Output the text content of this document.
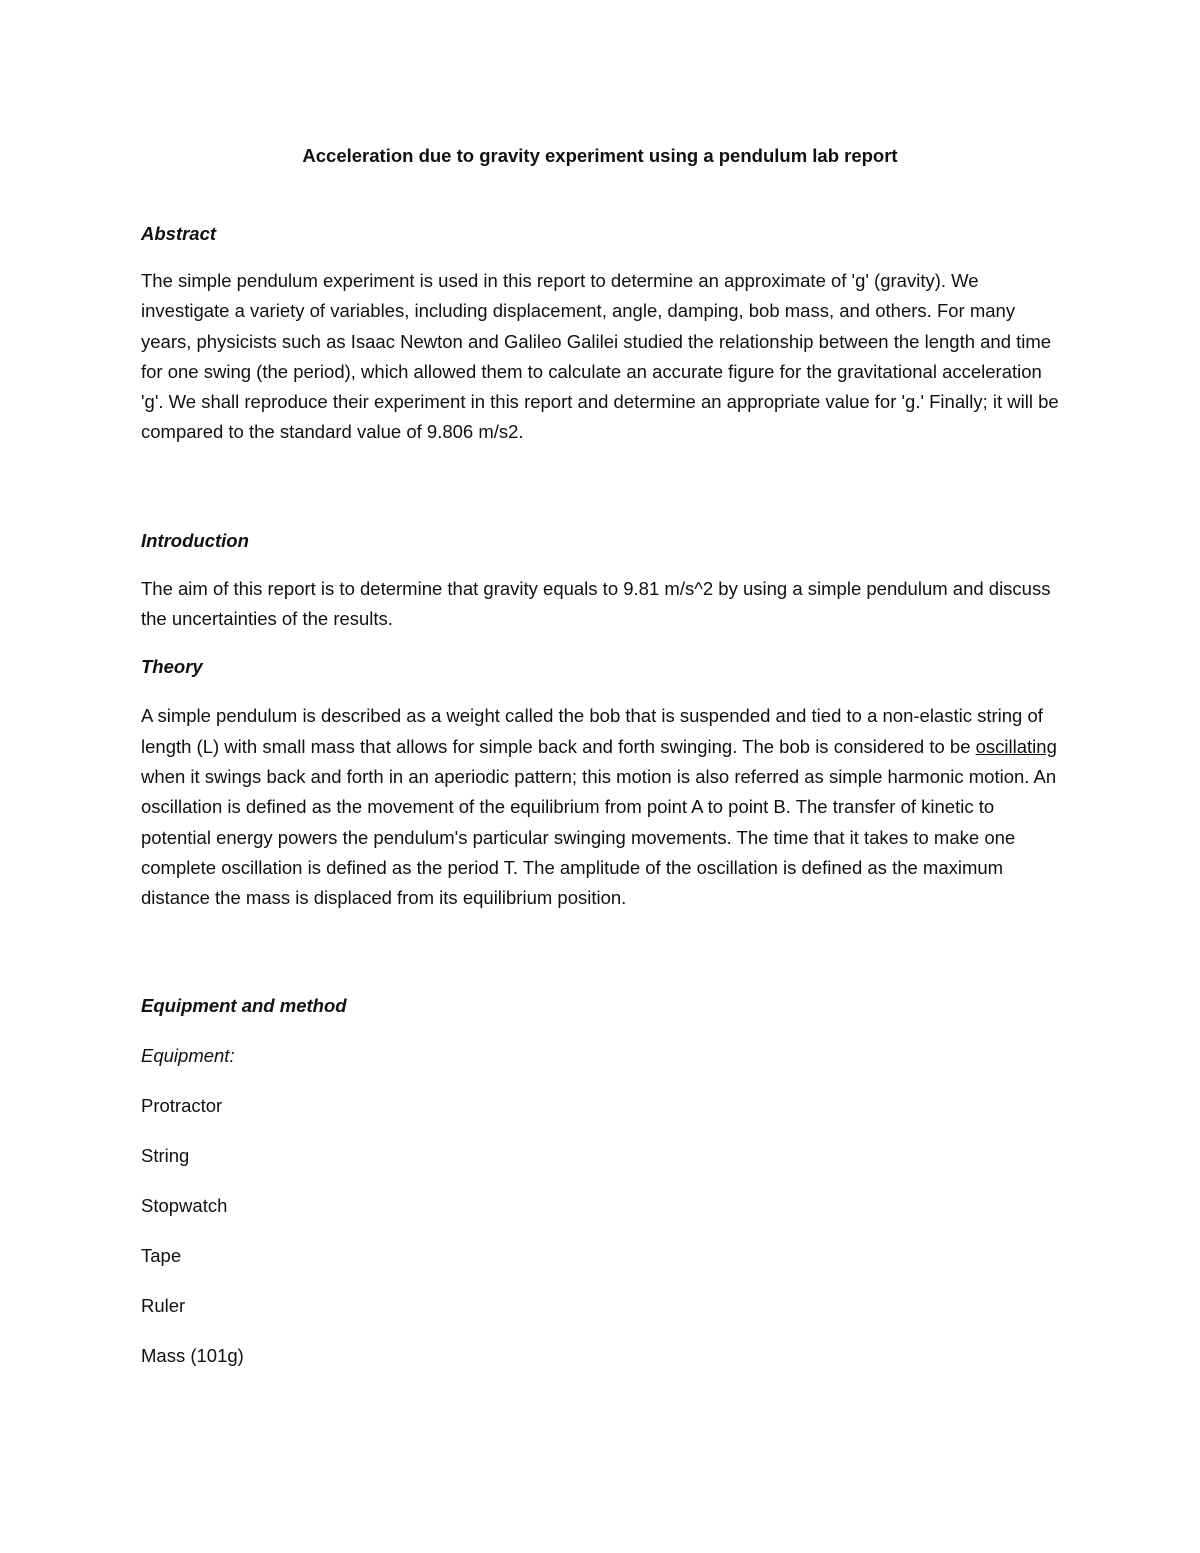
Acceleration due to gravity experiment using a pendulum lab report

Abstract

The simple pendulum experiment is used in this report to determine an approximate of 'g' (gravity). We investigate a variety of variables, including displacement, angle, damping, bob mass, and others. For many years, physicists such as Isaac Newton and Galileo Galilei studied the relationship between the length and time for one swing (the period), which allowed them to calculate an accurate figure for the gravitational acceleration 'g'. We shall reproduce their experiment in this report and determine an appropriate value for 'g.' Finally; it will be compared to the standard value of 9.806 m/s2.

Introduction

The aim of this report is to determine that gravity equals to 9.81 m/s^2 by using a simple pendulum and discuss the uncertainties of the results.

Theory

A simple pendulum is described as a weight called the bob that is suspended and tied to a non-elastic string of length (L) with small mass that allows for simple back and forth swinging. The bob is considered to be oscillating when it swings back and forth in an aperiodic pattern; this motion is also referred as simple harmonic motion. An oscillation is defined as the movement of the equilibrium from point A to point B. The transfer of kinetic to potential energy powers the pendulum's particular swinging movements. The time that it takes to make one complete oscillation is defined as the period T. The amplitude of the oscillation is defined as the maximum distance the mass is displaced from its equilibrium position.

Equipment and method

Equipment:

Protractor

String

Stopwatch

Tape

Ruler

Mass (101g)
